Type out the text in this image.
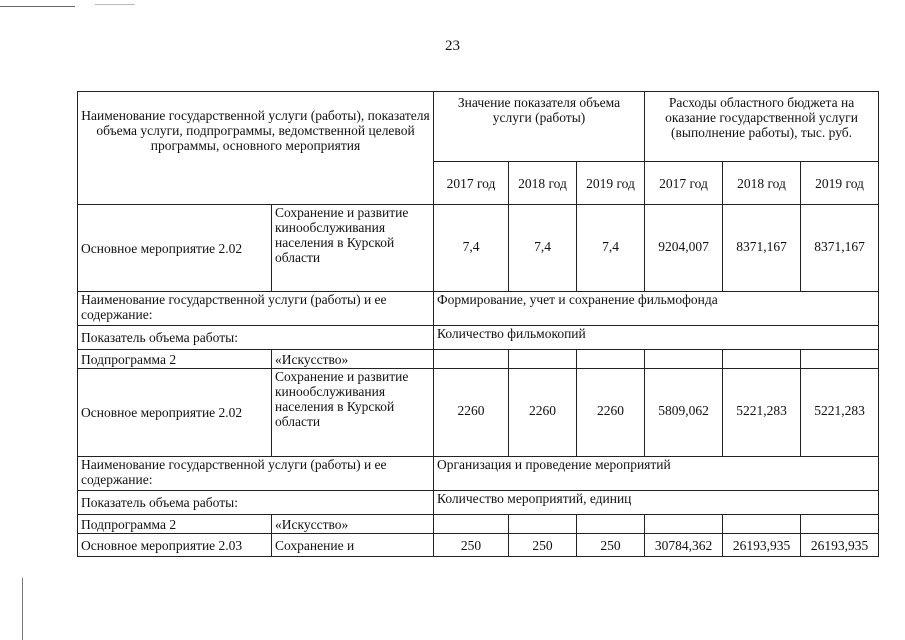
23
Наименование государственной услуги (работы), показателя объема услуги, подпрограммы, ведомственной целевой программы, основного мероприятия		Значение показателя объема услуги (работы)			Расходы областного бюджета на оказание государственной услуги (выполнение работы), тыс. руб.		
		2017 год	2018 год	2019 год	2017 год	2018 год	2019 год
Основное мероприятие 2.02	Сохранение и развитие кинообслуживания населения в Курской области	7,4	7,4	7,4	9204,007	8371,167	8371,167
Наименование государственной услуги (работы) и ее содержание:		Формирование, учет и сохранение фильмофонда					
Показатель объема работы:		Количество фильмокопий					
Подпрограмма 2	«Искусство»						
Основное мероприятие 2.02	Сохранение и развитие кинообслуживания населения в Курской области	2260	2260	2260	5809,062	5221,283	5221,283
Наименование государственной услуги (работы) и ее содержание:		Организация и проведение мероприятий					
Показатель объема работы:		Количество мероприятий, единиц					
Подпрограмма 2	«Искусство»						
Основное мероприятие 2.03	Сохранение и	250	250	250	30784,362	26193,935	26193,935
